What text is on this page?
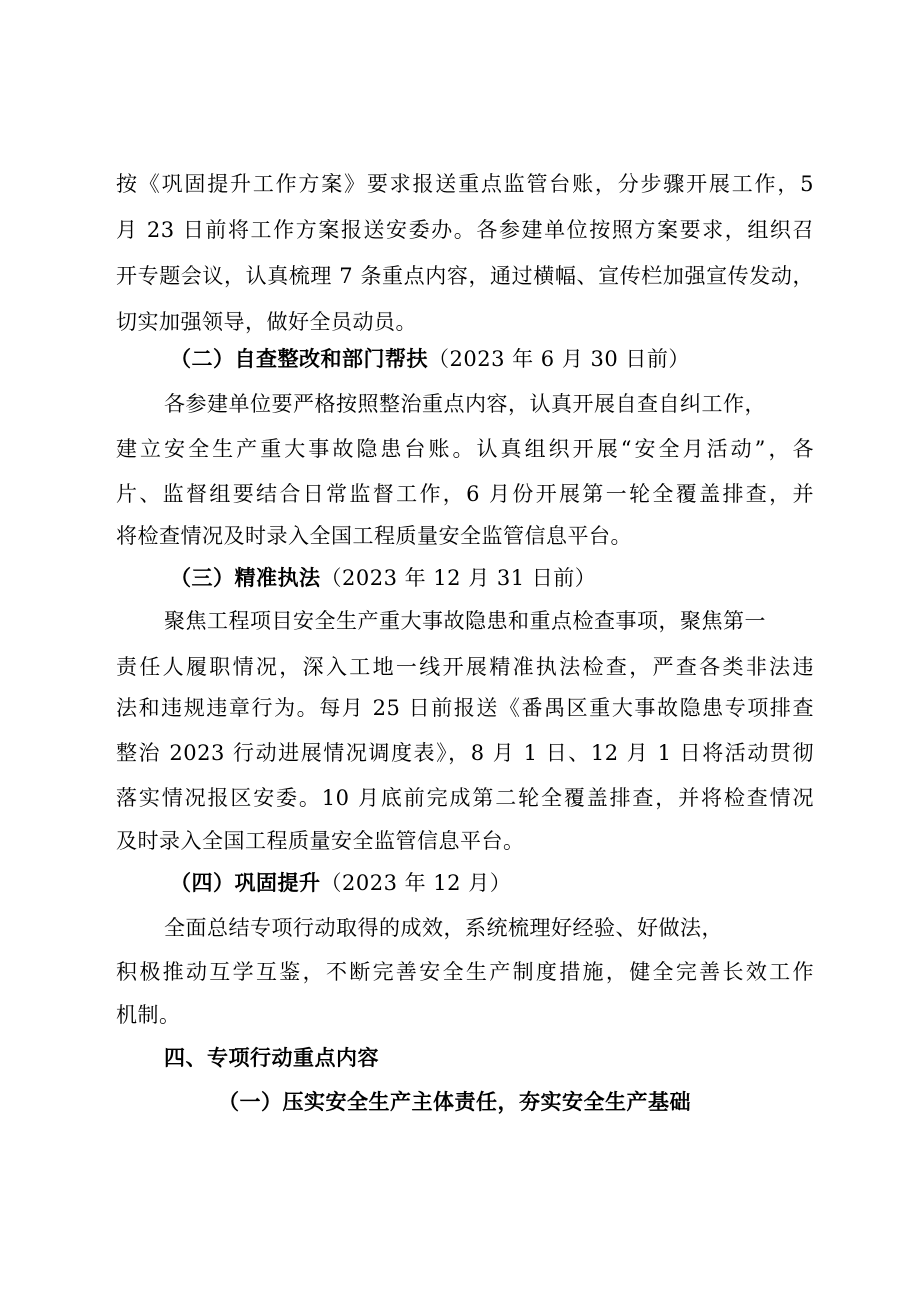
按《巩固提升工作方案》要求报送重点监管台账，分步骤开展工作，5
月 23 日前将工作方案报送安委办。各参建单位按照方案要求，组织召
开专题会议，认真梳理 7 条重点内容，通过横幅、宣传栏加强宣传发动，
切实加强领导，做好全员动员。
（二）自查整改和部门帮扶（2023 年 6 月 30 日前）
各参建单位要严格按照整治重点内容，认真开展自查自纠工作，
建立安全生产重大事故隐患台账。认真组织开展“安全月活动”，各
片、监督组要结合日常监督工作，6 月份开展第一轮全覆盖排查，并
将检查情况及时录入全国工程质量安全监管信息平台。
（三）精准执法（2023 年 12 月 31 日前）
聚焦工程项目安全生产重大事故隐患和重点检查事项，聚焦第一
责任人履职情况，深入工地一线开展精准执法检查，严查各类非法违
法和违规违章行为。每月 25 日前报送《番禺区重大事故隐患专项排查
整治 2023 行动进展情况调度表》，8 月 1 日、12 月 1 日将活动贯彻
落实情况报区安委。10 月底前完成第二轮全覆盖排查，并将检查情况
及时录入全国工程质量安全监管信息平台。
（四）巩固提升（2023 年 12 月）
全面总结专项行动取得的成效，系统梳理好经验、好做法，
积极推动互学互鉴，不断完善安全生产制度措施，健全完善长效工作
机制。
四、专项行动重点内容
（一）压实安全生产主体责任，夯实安全生产基础
